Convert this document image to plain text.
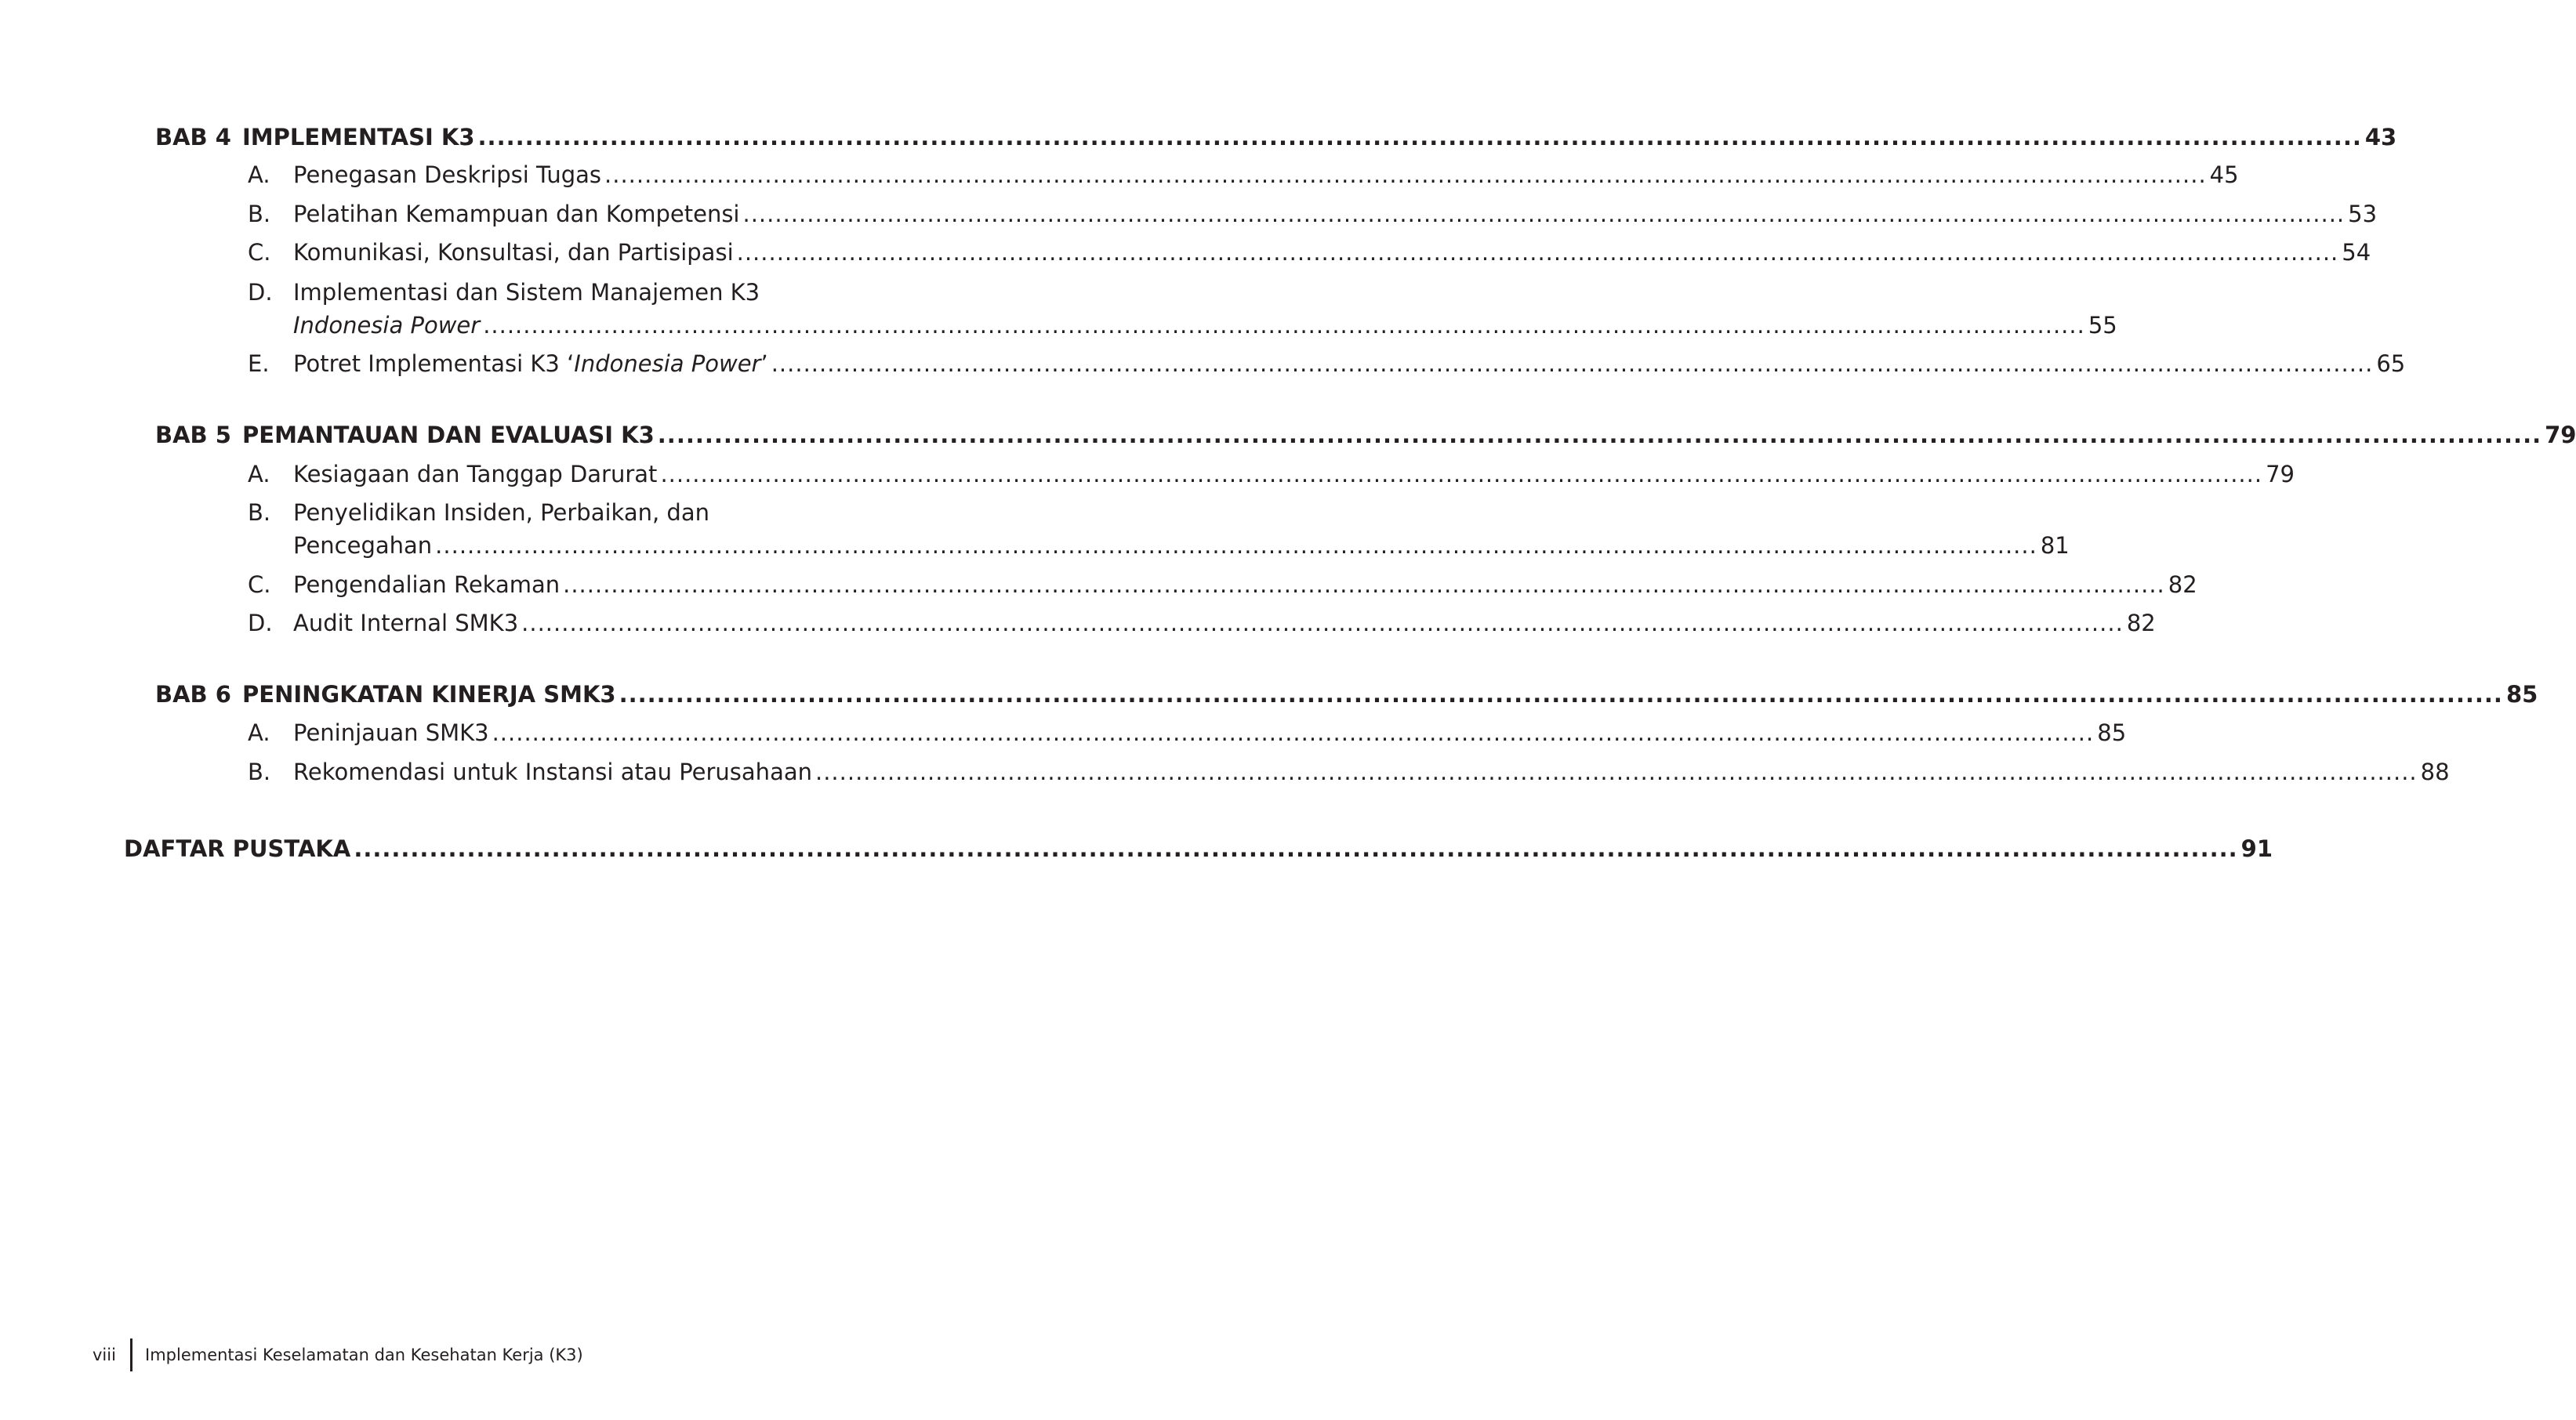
BAB 4 IMPLEMENTASI K3 .....	43
A.	Penegasan Deskripsi Tugas .....	45
B. Pelatihan Kemampuan dan Kompetensi .....	53
C. Komunikasi, Konsultasi, dan Partisipasi .....	54
D. Implementasi dan Sistem Manajemen K3
Indonesia Power .....	55
E.	Potret Implementasi K3 ‘Indonesia Power’ .....	65
BAB 5 PEMANTAUAN DAN EVALUASI K3 .....	79
A.	Kesiagaan dan Tanggap Darurat .....	79
B. Penyelidikan Insiden, Perbaikan, dan
Pencegahan .....	81
C. Pengendalian Rekaman .....	82
D. Audit Internal SMK3 .....	82
BAB 6 PENINGKATAN KINERJA SMK3 .....	85
A.	Peninjauan SMK3 .....	85
B. Rekomendasi untuk Instansi atau Perusahaan .....	88
DAFTAR PUSTAKA .....	91
viii	Implementasi Keselamatan dan Kesehatan Kerja (K3)
